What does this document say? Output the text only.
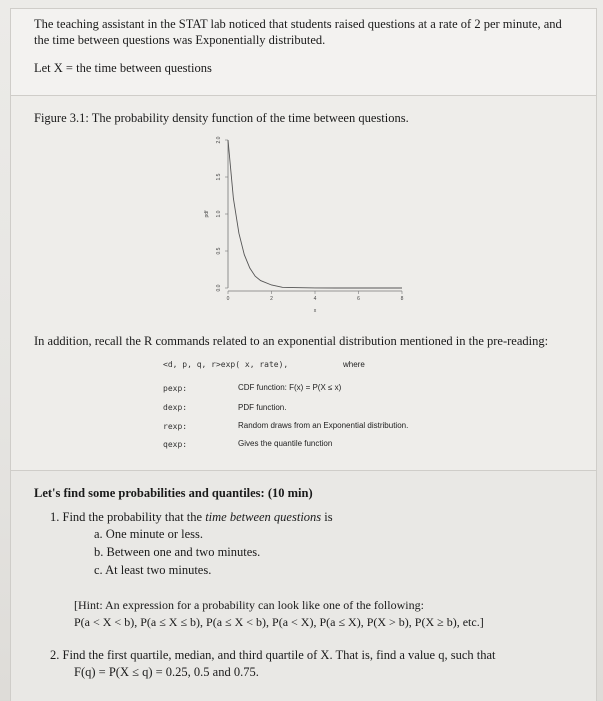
The teaching assistant in the STAT lab noticed that students raised questions at a rate of 2 per minute, and the time between questions was Exponentially distributed.
Let X = the time between questions
Figure 3.1: The probability density function of the time between questions.
0.0
0.5
1.0
1.5
2.0
0	2	4	6	8
x
pdf
In addition, recall the R commands related to an exponential distribution mentioned in the pre-reading:
<d, p, q, r>exp( x, rate),	where
pexp:	CDF function: F(x) = P(X ≤ x)
dexp:	PDF function.
rexp:	Random draws from an Exponential distribution.
qexp:	Gives the quantile function
Let's find some probabilities and quantiles: (10 min)
1. Find the probability that the time between questions is
a. One minute or less.
b. Between one and two minutes.
c. At least two minutes.
[Hint: An expression for a probability can look like one of the following:
P(a < X < b), P(a ≤ X ≤ b), P(a ≤ X < b), P(a < X), P(a ≤ X), P(X > b), P(X ≥ b), etc.]
2. Find the first quartile, median, and third quartile of X. That is, find a value q, such that
F(q) = P(X ≤ q) = 0.25, 0.5 and 0.75.
